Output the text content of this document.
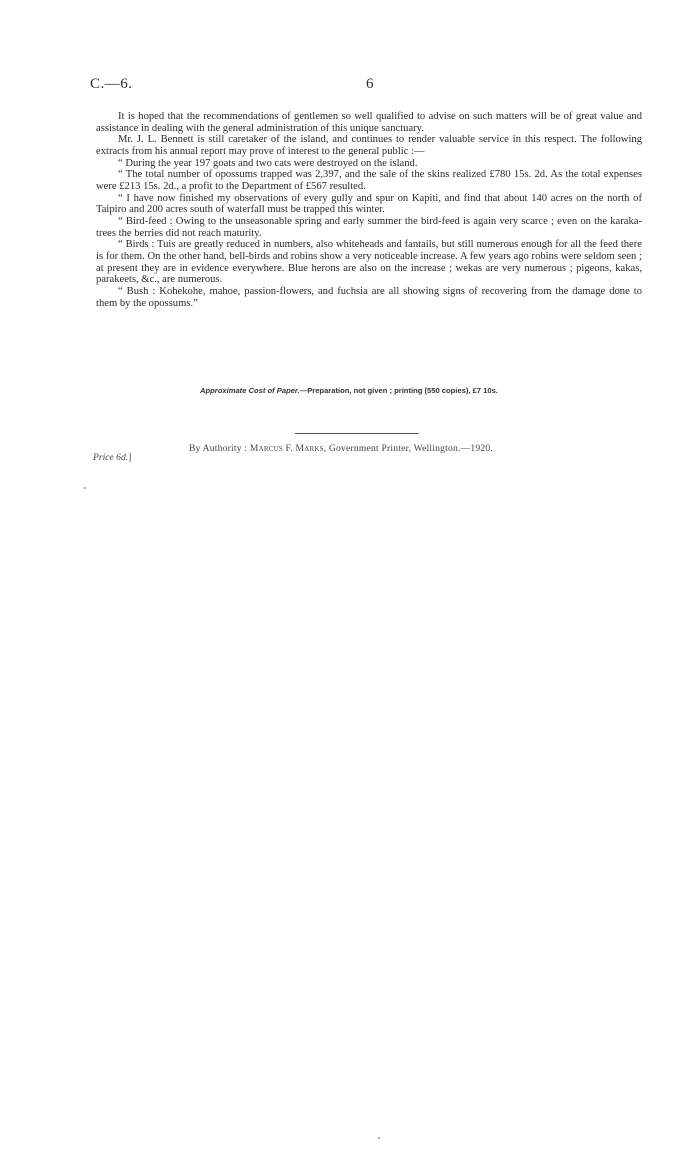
C.—6.	6

It is hoped that the recommendations of gentlemen so well qualified to advise on such matters will be of great value and assistance in dealing with the general administration of this unique sanctuary.

Mr. J. L. Bennett is still caretaker of the island, and continues to render valuable service in this respect. The following extracts from his annual report may prove of interest to the general public :—

“ During the year 197 goats and two cats were destroyed on the island.

“ The total number of opossums trapped was 2,397, and the sale of the skins realized £780 15s. 2d. As the total expenses were £213 15s. 2d., a profit to the Department of £567 resulted.

“ I have now finished my observations of every gully and spur on Kapiti, and find that about 140 acres on the north of Taipiro and 200 acres south of waterfall must be trapped this winter.

“ Bird-feed : Owing to the unseasonable spring and early summer the bird-feed is again very scarce ; even on the karaka-trees the berries did not reach maturity.

“ Birds : Tuis are greatly reduced in numbers, also whiteheads and fantails, but still numerous enough for all the feed there is for them. On the other hand, bell-birds and robins show a very noticeable increase. A few years ago robins were seldom seen ; at present they are in evidence everywhere. Blue herons are also on the increase ; wekas are very numerous ; pigeons, kakas, parakeets, &c., are numerous.

“ Bush : Kohekohe, mahoe, passion-flowers, and fuchsia are all showing signs of recovering from the damage done to them by the opossums.”

Approximate Cost of Paper.—Preparation, not given ; printing (550 copies), £7 10s.
By Authority : Marcus F. Marks, Government Printer, Wellington.—1920.
Price 6d.]
